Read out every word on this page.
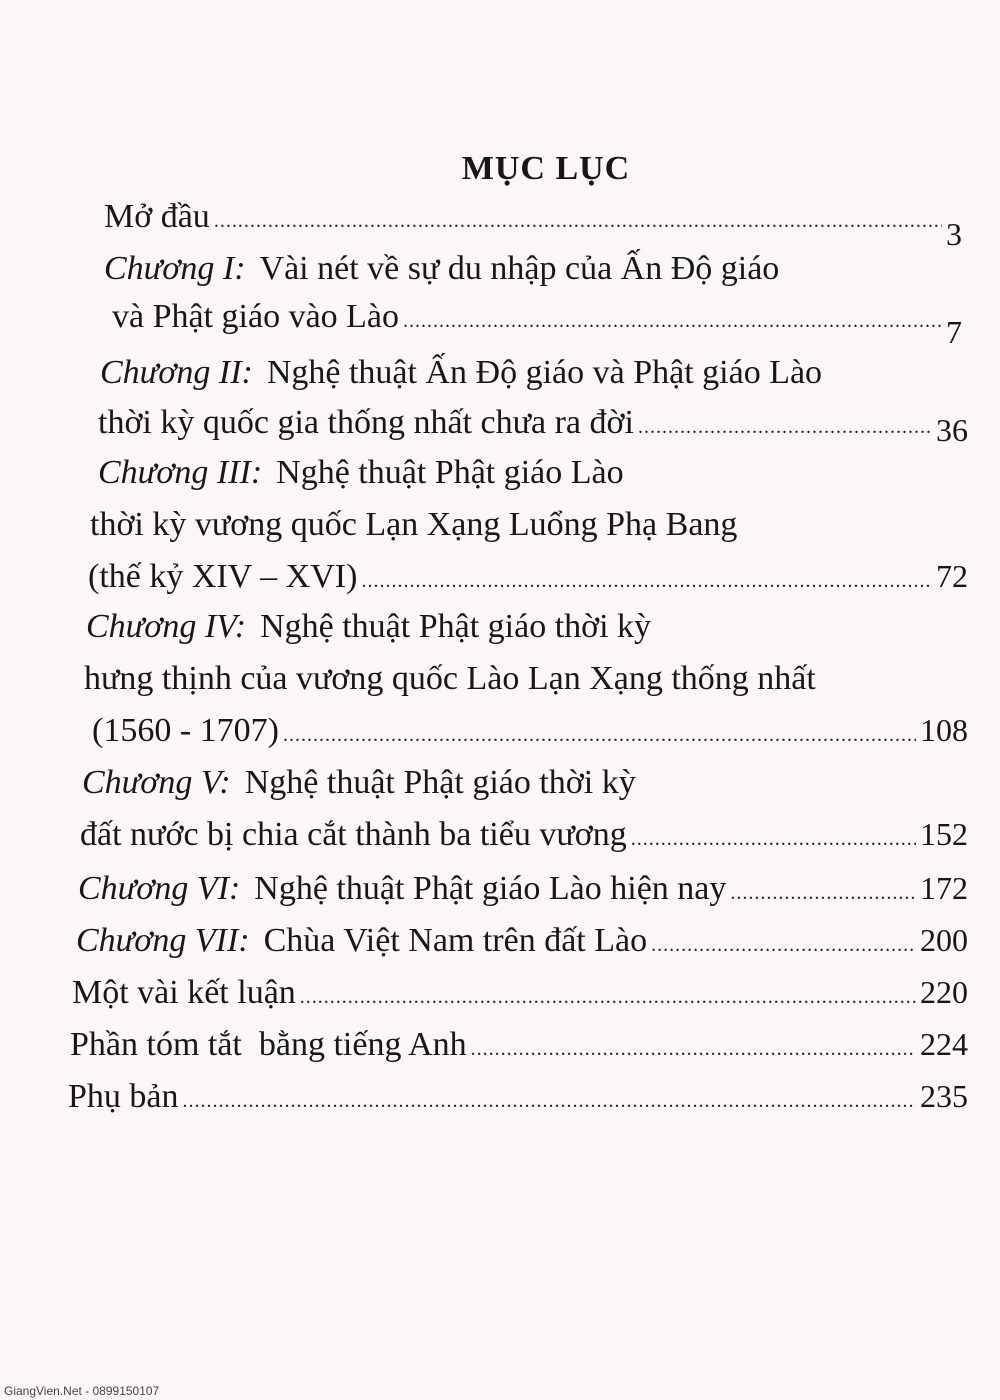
MỤC LỤC
Mở đầu .....	3
Chương I: Vài nét về sự du nhập của Ấn Độ giáo
và Phật giáo vào Lào .....	7
Chương II: Nghệ thuật Ấn Độ giáo và Phật giáo Lào
thời kỳ quốc gia thống nhất chưa ra đời .....	36
Chương III: Nghệ thuật Phật giáo Lào
thời kỳ vương quốc Lạn Xạng Luổng Phạ Bang
(thế kỷ XIV – XVI) .....	72
Chương IV: Nghệ thuật Phật giáo thời kỳ
hưng thịnh của vương quốc Lào Lạn Xạng thống nhất
(1560 - 1707) .....	108
Chương V: Nghệ thuật Phật giáo thời kỳ
đất nước bị chia cắt thành ba tiểu vương .....	152
Chương VI: Nghệ thuật Phật giáo Lào hiện nay .....	172
Chương VII: Chùa Việt Nam trên đất Lào .....	200
Một vài kết luận .....	220
Phần tóm tắt  bằng tiếng Anh .....	224
Phụ bản .....	235
GiangVien.Net - 0899150107
